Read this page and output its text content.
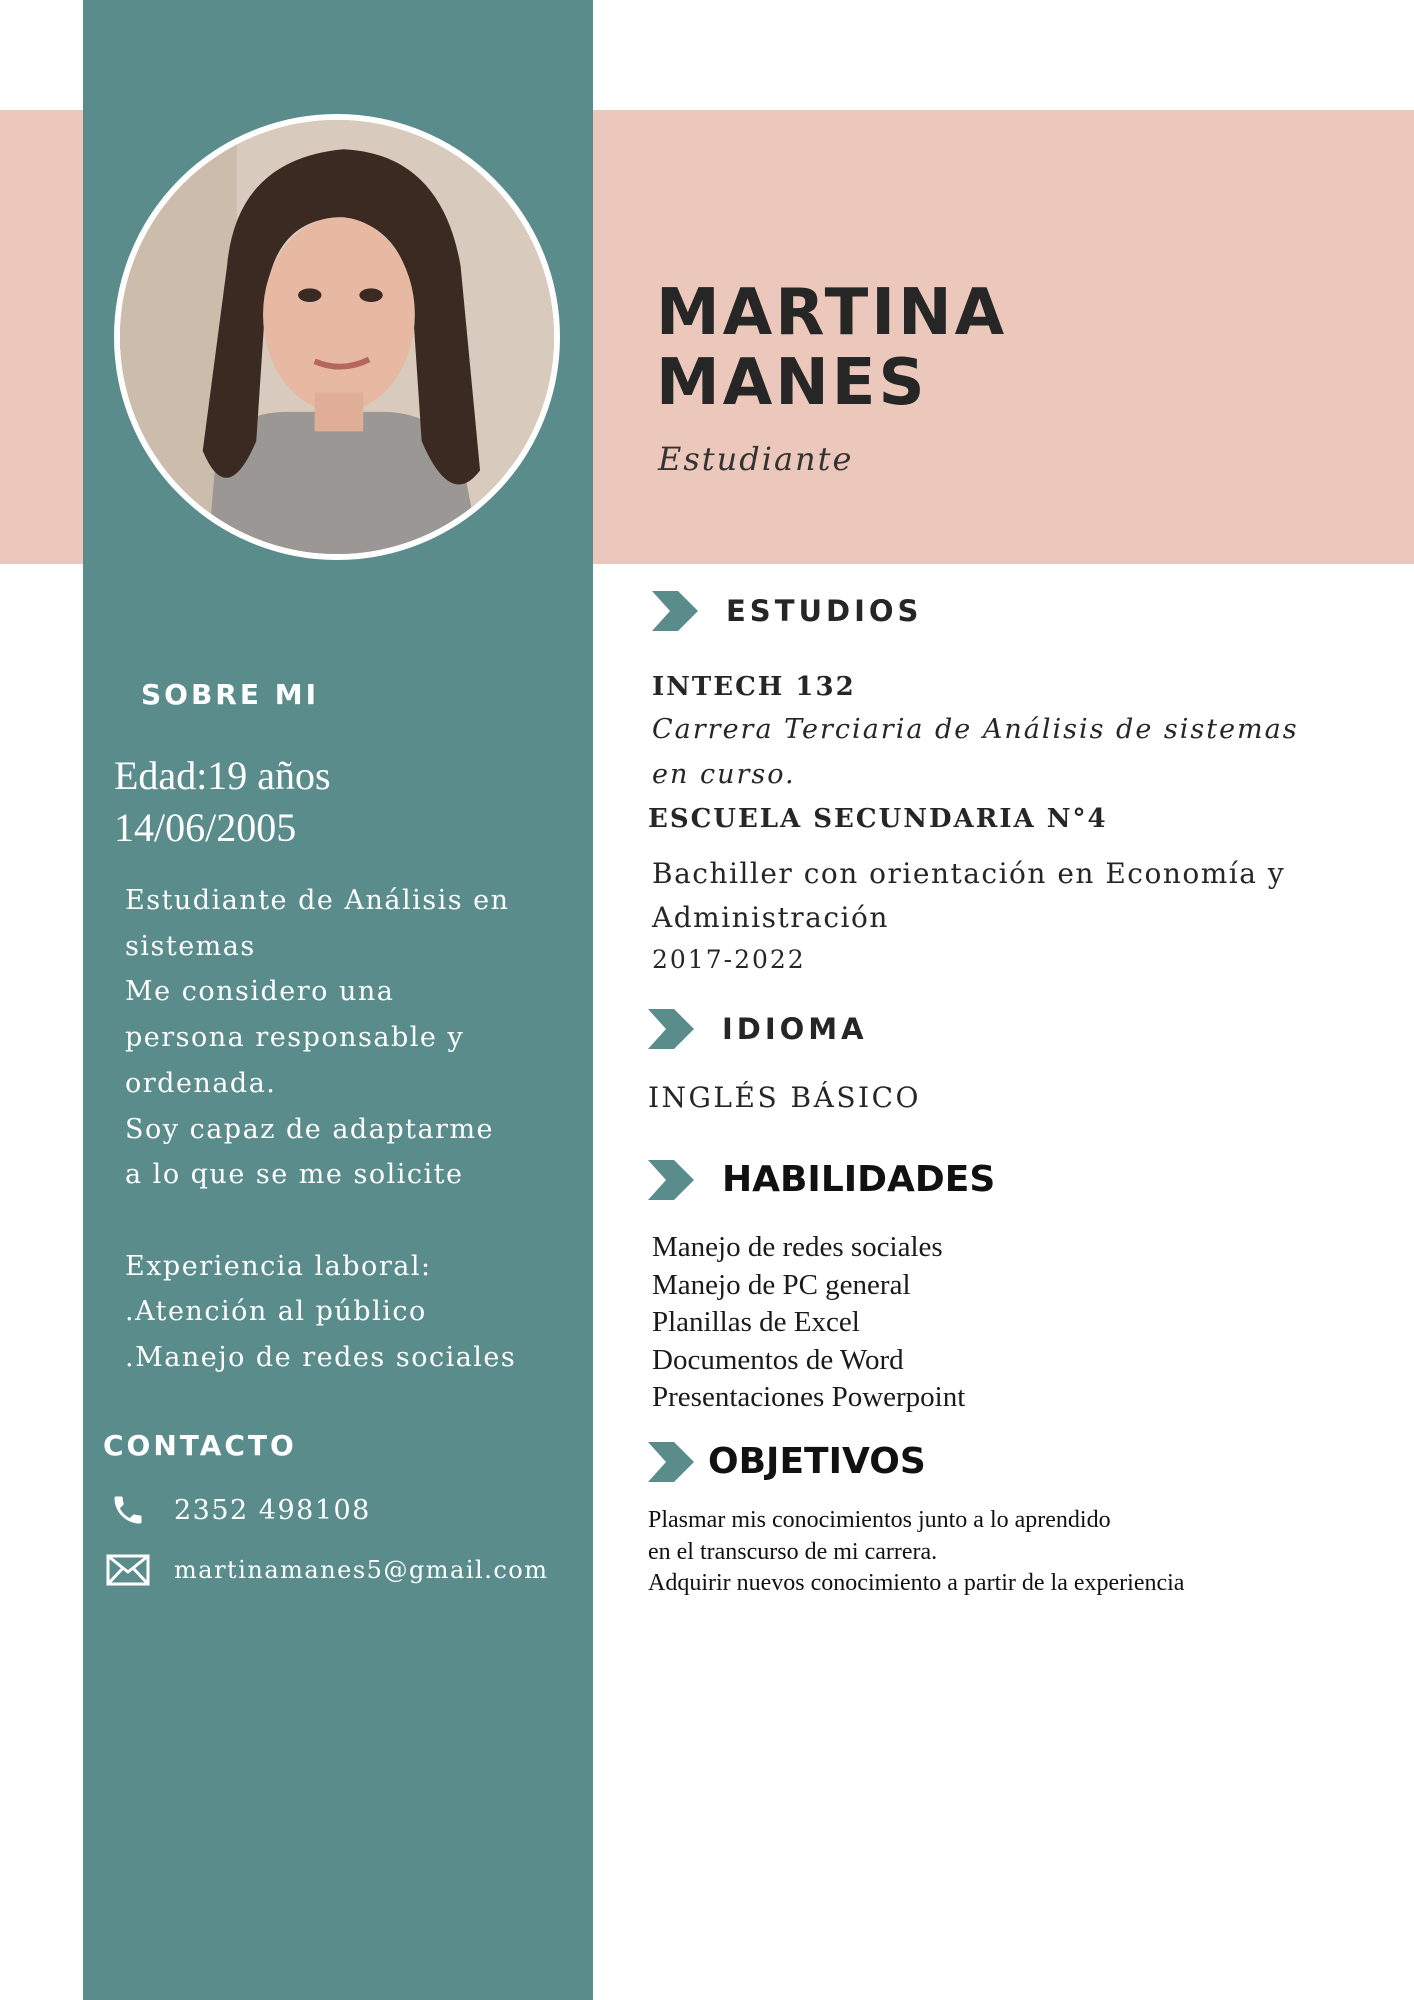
MARTINA
MANES
Estudiante
SOBRE MI
Edad:19 años
14/06/2005
Estudiante de Análisis en
sistemas
Me considero una
persona responsable y
ordenada.
Soy capaz de adaptarme
a lo que se me solicite
Experiencia laboral:
.Atención al público
.Manejo de redes sociales
CONTACTO
2352 498108
martinamanes5@gmail.com
ESTUDIOS
INTECH 132
Carrera Terciaria de Análisis de sistemas
en curso.
ESCUELA SECUNDARIA N°4
Bachiller con orientación en Economía y
Administración
2017-2022
IDIOMA
INGLÉS BÁSICO
HABILIDADES
Manejo de redes sociales
Manejo de PC general
Planillas de Excel
Documentos de Word
Presentaciones Powerpoint
OBJETIVOS
Plasmar mis conocimientos junto a lo aprendido
en el transcurso de mi carrera.
Adquirir nuevos conocimiento a partir de la experiencia
